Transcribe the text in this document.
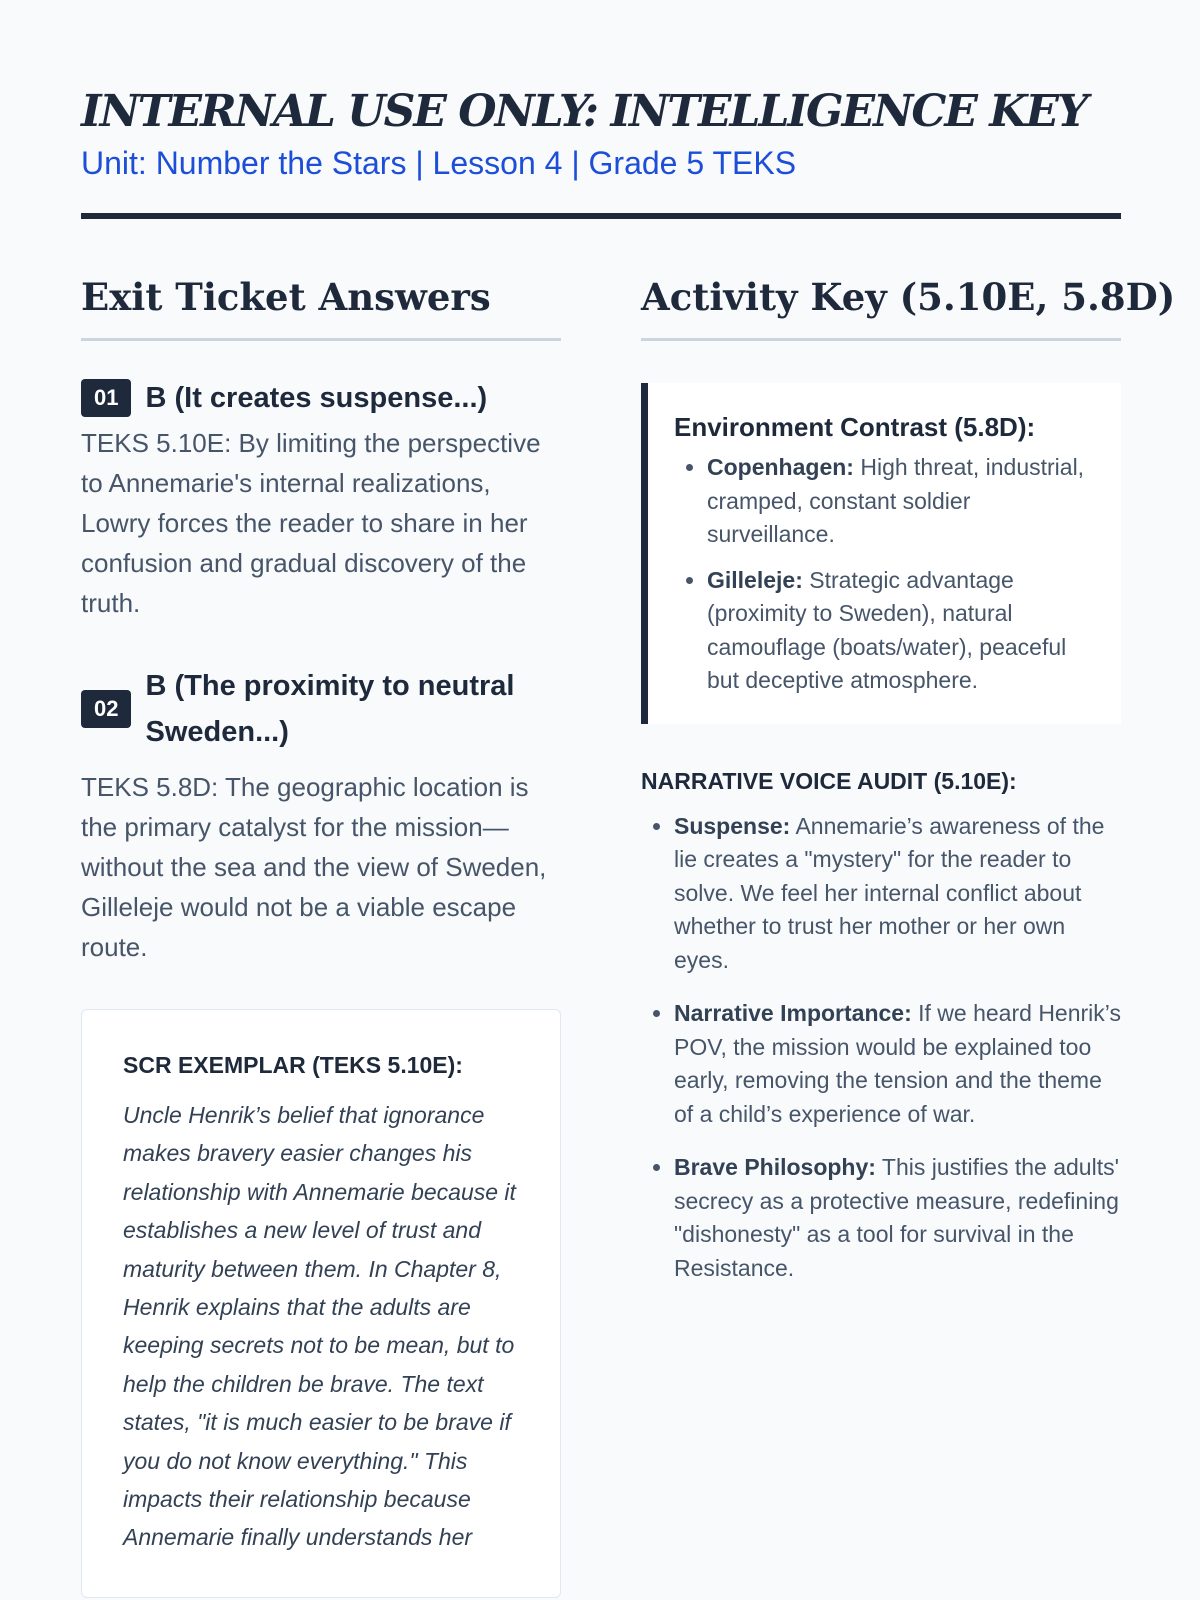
INTERNAL USE ONLY: INTELLIGENCE KEY
Unit: Number the Stars | Lesson 4 | Grade 5 TEKS
Exit Ticket Answers
01 B (It creates suspense...)

TEKS 5.10E: By limiting the perspective to Annemarie's internal realizations, Lowry forces the reader to share in her confusion and gradual discovery of the truth.

02
B (The proximity to neutral Sweden...)

TEKS 5.8D: The geographic location is the primary catalyst for the mission—without the sea and the view of Sweden, Gilleleje would not be a viable escape route.

SCR EXEMPLAR (TEKS 5.10E):

Uncle Henrik’s belief that ignorance makes bravery easier changes his relationship with Annemarie because it establishes a new level of trust and maturity between them. In Chapter 8, Henrik explains that the adults are keeping secrets not to be mean, but to help the children be brave. The text states, "it is much easier to be brave if you do not know everything." This impacts their relationship because Annemarie finally understands her

Activity Key (5.10E, 5.8D)
Environment Contrast (5.8D):
• Copenhagen: High threat, industrial, cramped, constant soldier surveillance.
• Gilleleje: Strategic advantage (proximity to Sweden), natural camouflage (boats/water), peaceful but deceptive atmosphere.
NARRATIVE VOICE AUDIT (5.10E):
• Suspense: Annemarie’s awareness of the lie creates a "mystery" for the reader to solve. We feel her internal conflict about whether to trust her mother or her own eyes.
• Narrative Importance: If we heard Henrik’s POV, the mission would be explained too early, removing the tension and the theme of a child’s experience of war.
• Brave Philosophy: This justifies the adults' secrecy as a protective measure, redefining "dishonesty" as a tool for survival in the Resistance.
